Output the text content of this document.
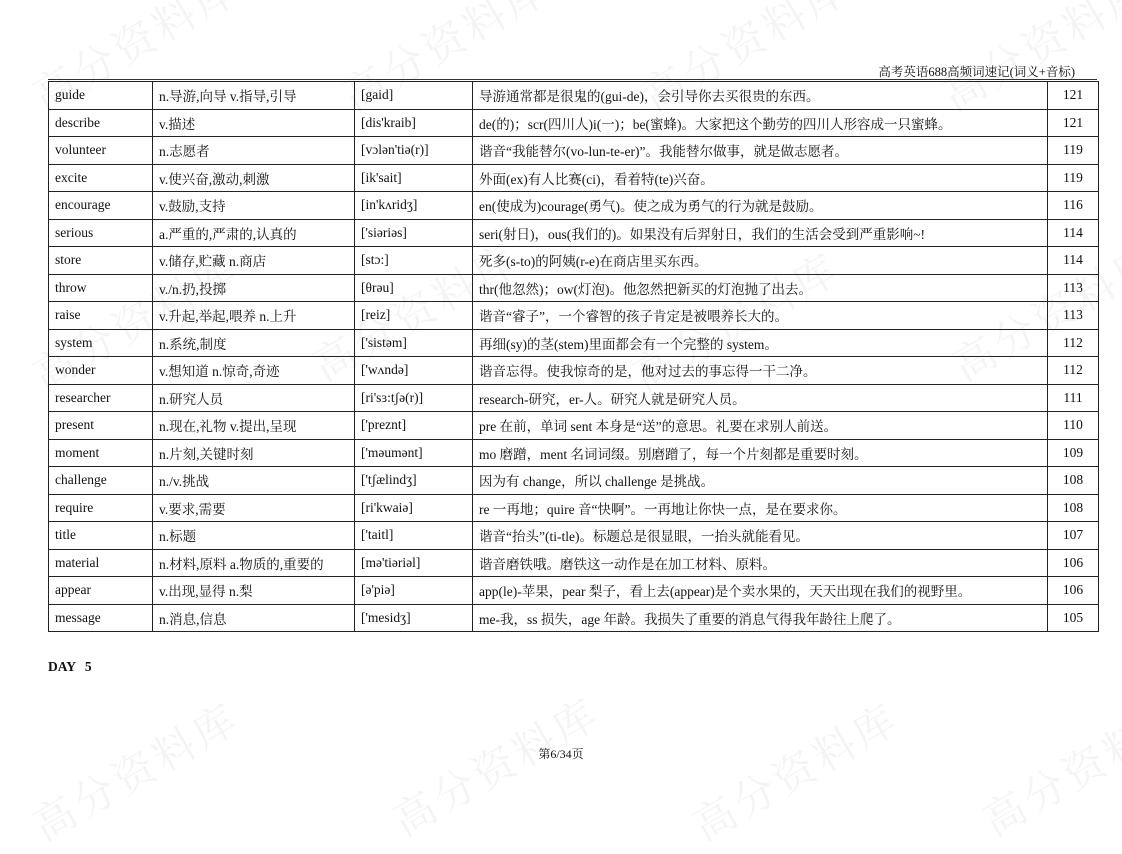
高考英语688高频词速记(词义+音标)
guide	n.导游,向导 v.指导,引导	[gaid]	导游通常都是很鬼的(gui-de)，会引导你去买很贵的东西。	121
describe	v.描述	[dis'kraib]	de(的)；scr(四川人)i(一)；be(蜜蜂)。大家把这个勤劳的四川人形容成一只蜜蜂。	121
volunteer	n.志愿者	[vɔlən'tiə(r)]	谐音“我能替尔(vo-lun-te-er)”。我能替尔做事，就是做志愿者。	119
excite	v.使兴奋,激动,刺激	[ik'sait]	外面(ex)有人比赛(ci)，看着特(te)兴奋。	119
encourage	v.鼓励,支持	[in'kʌridʒ]	en(使成为)courage(勇气)。使之成为勇气的行为就是鼓励。	116
serious	a.严重的,严肃的,认真的	['siəriəs]	seri(射日)，ous(我们的)。如果没有后羿射日，我们的生活会受到严重影响~!	114
store	v.储存,贮藏 n.商店	[stɔ:]	死多(s-to)的阿姨(r-e)在商店里买东西。	114
throw	v./n.扔,投掷	[θrəu]	thr(他忽然)；ow(灯泡)。他忽然把新买的灯泡抛了出去。	113
raise	v.升起,举起,喂养 n.上升	[reiz]	谐音“睿子”，一个睿智的孩子肯定是被喂养长大的。	113
system	n.系统,制度	['sistəm]	再细(sy)的茎(stem)里面都会有一个完整的 system。	112
wonder	v.想知道 n.惊奇,奇迹	['wʌndə]	谐音忘得。使我惊奇的是，他对过去的事忘得一干二净。	112
researcher	n.研究人员	[ri'sɜ:tʃə(r)]	research-研究，er-人。研究人就是研究人员。	111
present	n.现在,礼物 v.提出,呈现	['preznt]	pre 在前，单词 sent 本身是“送”的意思。礼要在求别人前送。	110
moment	n.片刻,关键时刻	['məumənt]	mo 磨蹭，ment 名词词缀。别磨蹭了，每一个片刻都是重要时刻。	109
challenge	n./v.挑战	['tʃælindʒ]	因为有 change，所以 challenge 是挑战。	108
require	v.要求,需要	[ri'kwaiə]	re 一再地；quire 音“快啊”。一再地让你快一点，是在要求你。	108
title	n.标题	['taitl]	谐音“抬头”(ti-tle)。标题总是很显眼，一抬头就能看见。	107
material	n.材料,原料 a.物质的,重要的	[mə'tiəriəl]	谐音磨铁哦。磨铁这一动作是在加工材料、原料。	106
appear	v.出现,显得 n.梨	[ə'piə]	app(le)-苹果，pear 梨子，看上去(appear)是个卖水果的，天天出现在我们的视野里。	106
message	n.消息,信息	['mesidʒ]	me-我，ss 损失，age 年龄。我损失了重要的消息气得我年龄往上爬了。	105
DAY 5
第6/34页
